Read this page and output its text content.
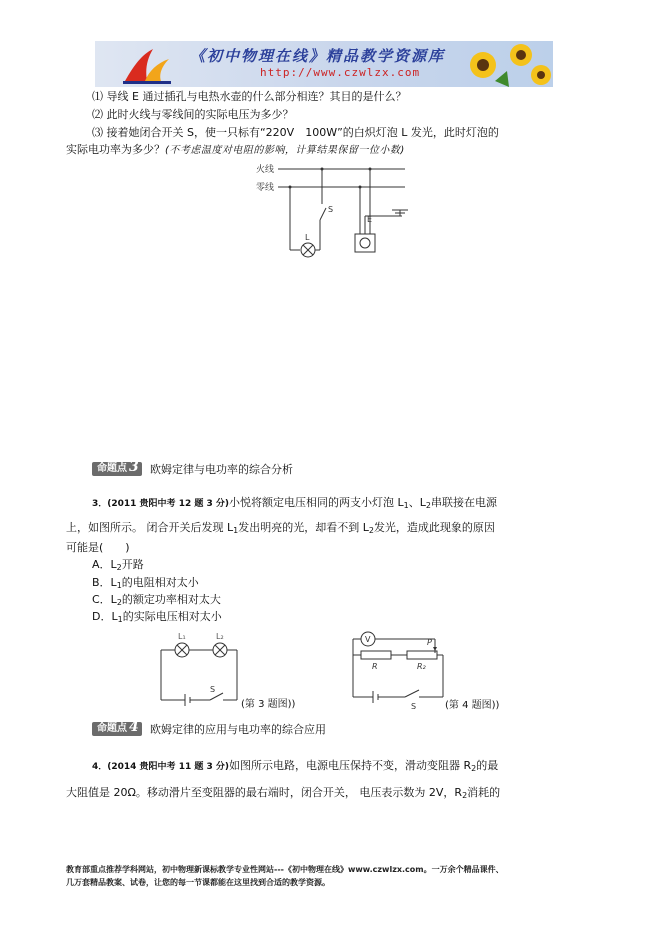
《初中物理在线》精品教学资源库
http://www.czwlzx.com
⑴ 导线 E 通过插孔与电热水壶的什么部分相连？其目的是什么？
⑵ 此时火线与零线间的实际电压为多少？
⑶ 接着她闭合开关 S，使一只标有“220V　100W”的白炽灯泡 L 发光，此时灯泡的
实际电功率为多少？(不考虑温度对电阻的影响，计算结果保留一位小数)
火线
零线
S
E
L
命题点 3 欧姆定律与电功率的综合分析
3．(2011 贵阳中考 12 题 3 分)小悦将额定电压相同的两支小灯泡 $L_1$、$L_2$串联接在电源
上，如图所示。 闭合开关后发现 $L_1$发出明亮的光，却看不到 $L_2$发光，造成此现象的原因
可能是(　　)
A．$L_2$开路
B．$L_1$的电阻相对太小
C．$L_2$的额定功率相对太大
D．$L_1$的实际电压相对太小
L₁	L₂
S
(第 3 题图))
V	P
R	R₂
S	(第 4 题图))
命题点 4 欧姆定律的应用与电功率的综合应用
4．(2014 贵阳中考 11 题 3 分)如图所示电路，电源电压保持不变，滑动变阻器 $R_2$的最
大阻值是 20Ω。移动滑片至变阻器的最右端时，闭合开关， 电压表示数为 2V，$R_2$消耗的
教育部重点推荐学科网站，初中物理新课标教学专业性网站---《初中物理在线》www.czwlzx.com。一万余个精品课件、
几万套精品教案、试卷，让您的每一节课都能在这里找到合适的教学资源。
